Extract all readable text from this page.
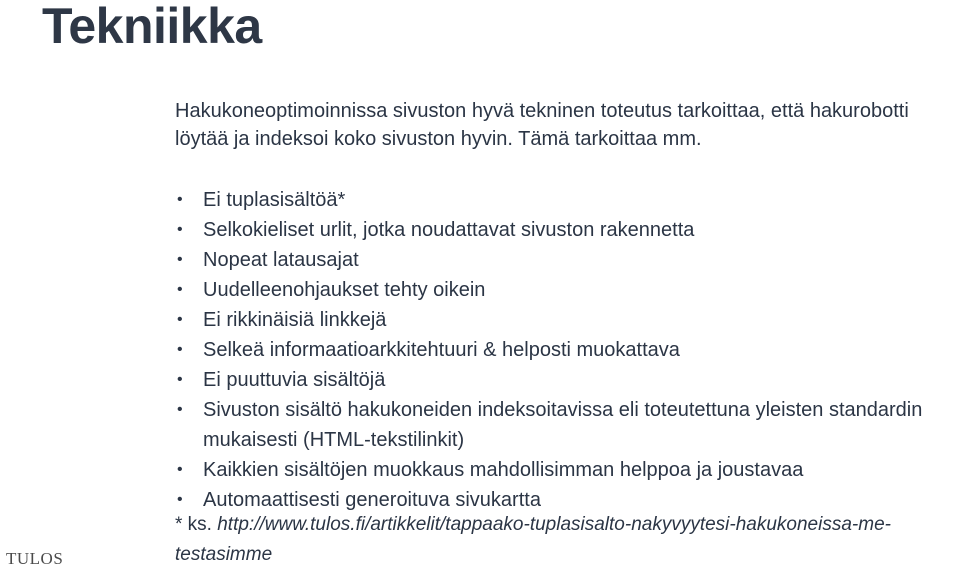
Tekniikka

Hakukoneoptimoinnissa sivuston hyvä tekninen toteutus tarkoittaa, että hakurobotti löytää ja indeksoi koko sivuston hyvin. Tämä tarkoittaa mm.

• Ei tuplasisältöä*
• Selkokieliset urlit, jotka noudattavat sivuston rakennetta
• Nopeat latausajat
• Uudelleenohjaukset tehty oikein
• Ei rikkinäisiä linkkejä
• Selkeä informaatioarkkitehtuuri & helposti muokattava
• Ei puuttuvia sisältöjä
• Sivuston sisältö hakukoneiden indeksoitavissa eli toteutettuna yleisten standardin mukaisesti (HTML-tekstilinkit)
• Kaikkien sisältöjen muokkaus mahdollisimman helppoa ja joustavaa
• Automaattisesti generoituva sivukartta

* ks. http://www.tulos.fi/artikkelit/tappaako-tuplasisalto-nakyvyytesi-hakukoneissa-me-testasimme

TULOS
